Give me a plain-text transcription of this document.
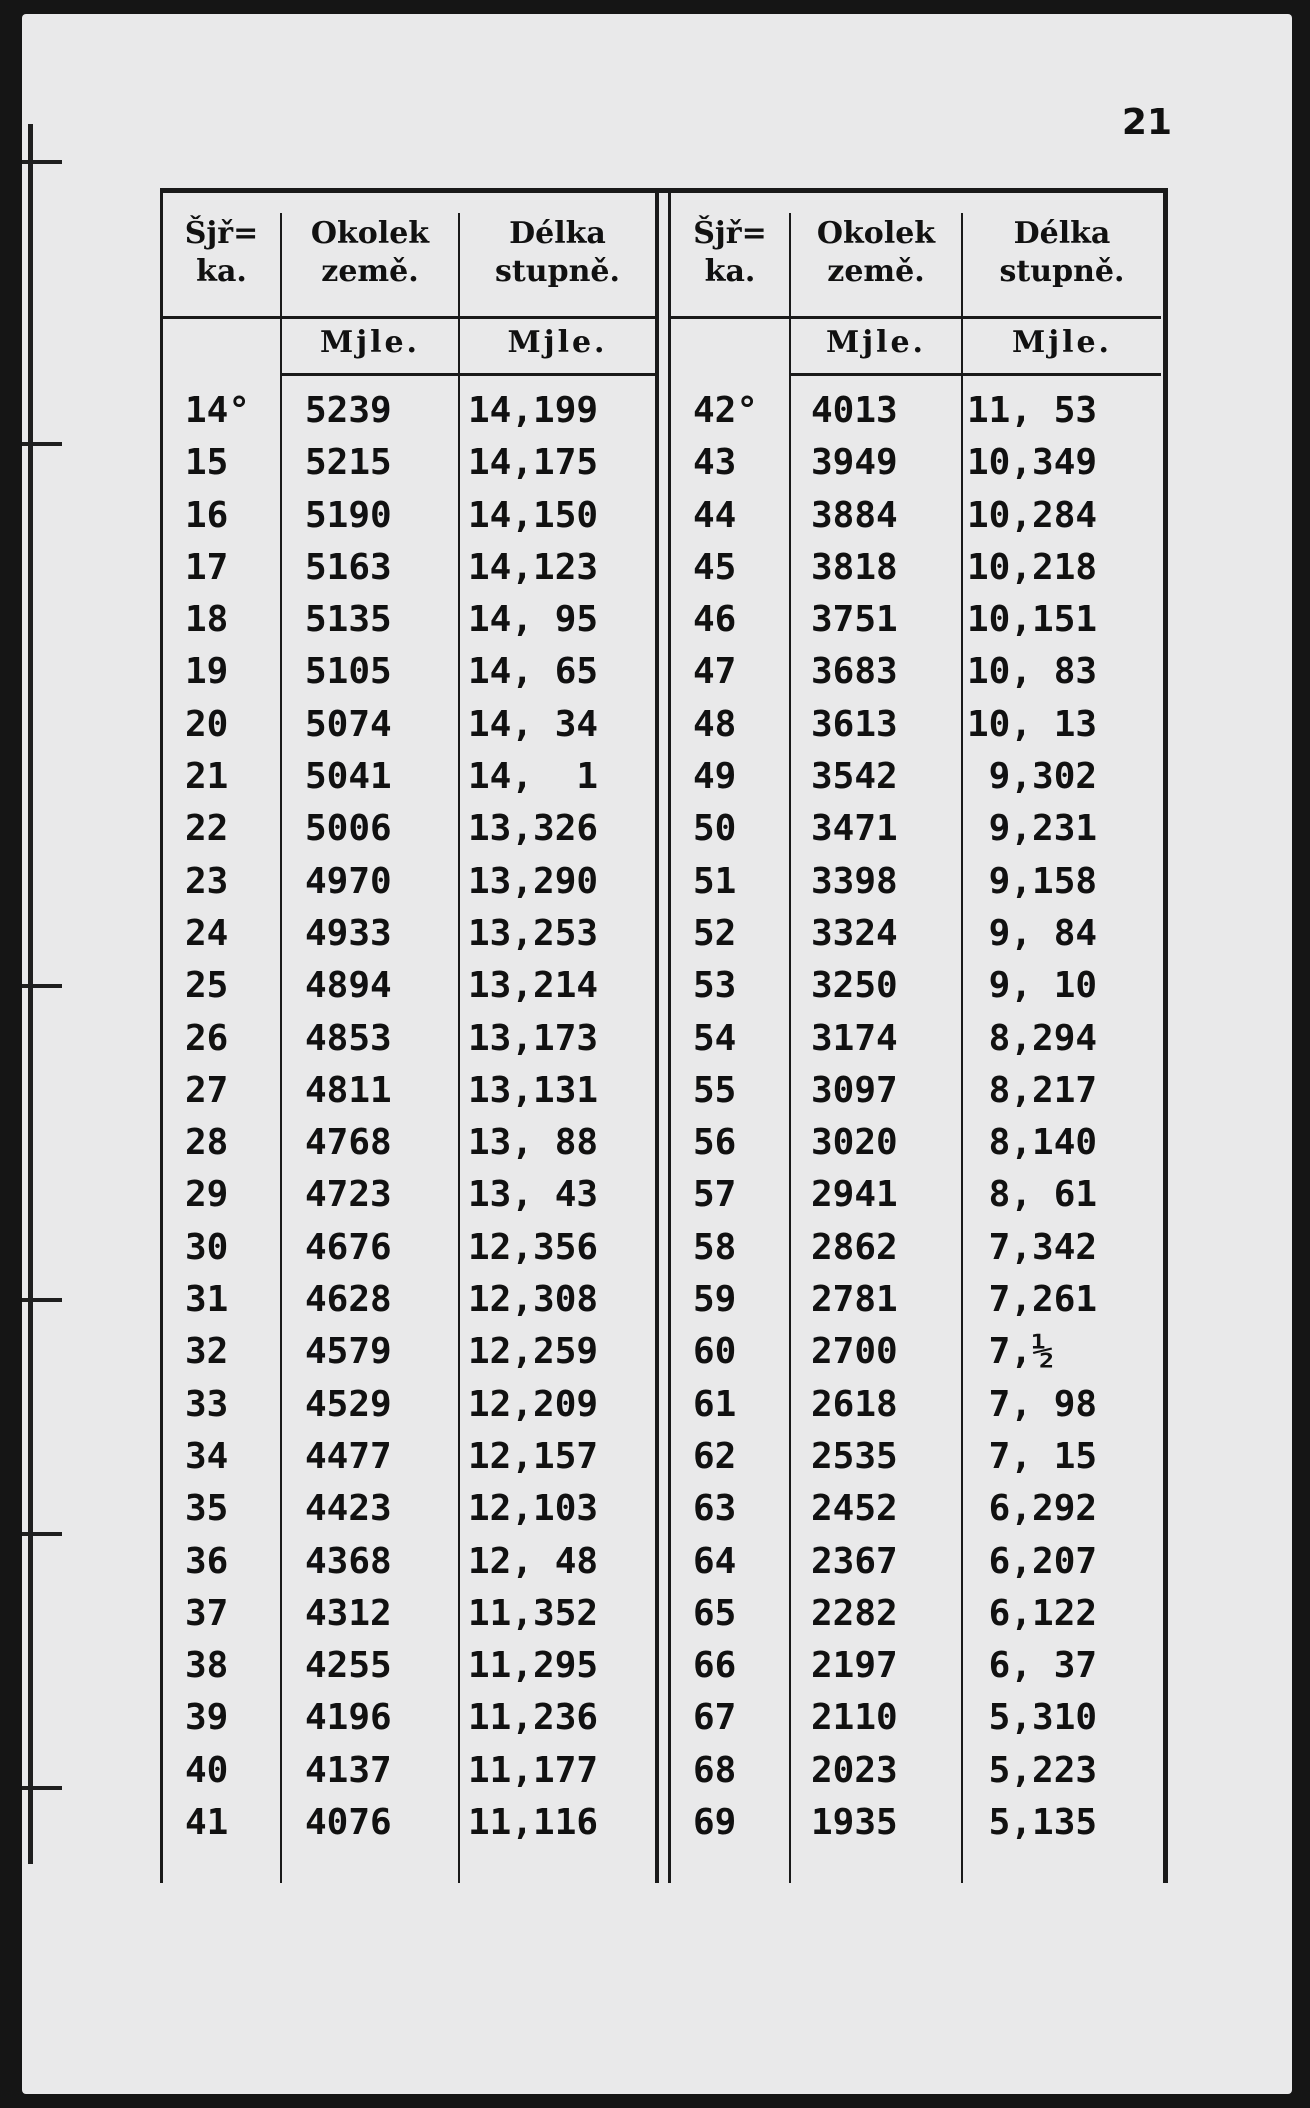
21
Šjř=
ka.
Okolek
země.
Délka
stupně.
Mjle.	Mjle.
14° 5239 14,199
15 5215 14,175
16 5190 14,150
17 5163 14,123
18 5135 14, 95
19 5105 14, 65
20 5074 14, 34
21 5041 14,  1
22 5006 13,326
23 4970 13,290
24 4933 13,253
25 4894 13,214
26 4853 13,173
27 4811 13,131
28 4768 13, 88
29 4723 13, 43
30 4676 12,356
31 4628 12,308
32 4579 12,259
33 4529 12,209
34 4477 12,157
35 4423 12,103
36 4368 12, 48
37 4312 11,352
38 4255 11,295
39 4196 11,236
40 4137 11,177
41 4076 11,116
Šjř=
ka.
Okolek
země.
Délka
stupně.
Mjle.	Mjle.
42° 4013 11, 53
43 3949 10,349
44 3884 10,284
45 3818 10,218
46 3751 10,151
47 3683 10, 83
48 3613 10, 13
49 3542 9,302
50 3471 9,231
51 3398 9,158
52 3324 9, 84
53 3250 9, 10
54 3174 8,294
55 3097 8,217
56 3020 8,140
57 2941 8, 61
58 2862 7,342
59 2781 7,261
60 2700 7,½
61 2618 7, 98
62 2535 7, 15
63 2452 6,292
64 2367 6,207
65 2282 6,122
66 2197 6, 37
67 2110 5,310
68 2023 5,223
69 1935 5,135
